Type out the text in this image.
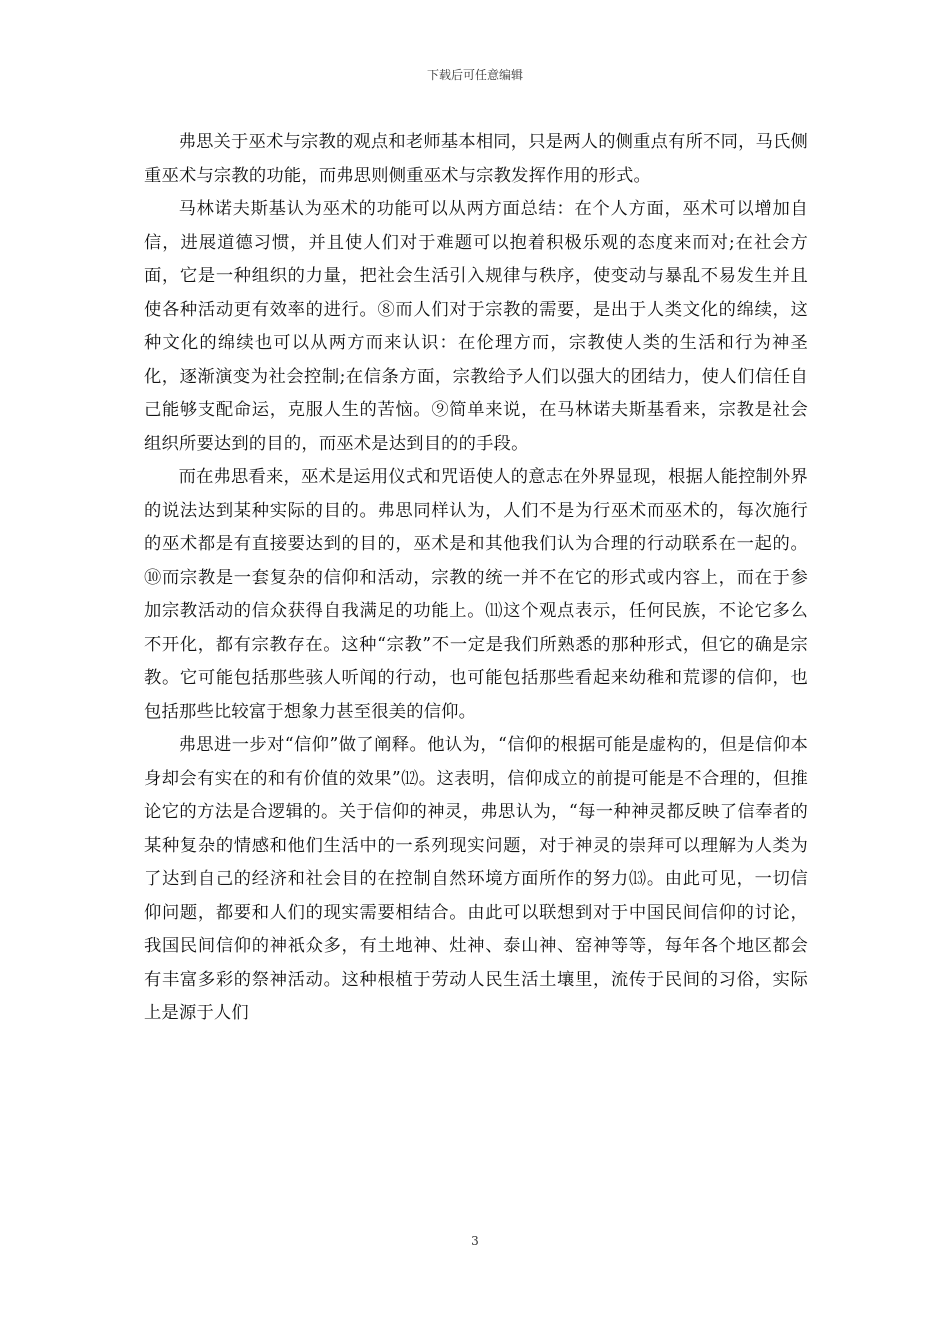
下载后可任意编辑

弗思关于巫术与宗教的观点和老师基本相同，只是两人的侧重点有所不同，马氏侧重巫术与宗教的功能，而弗思则侧重巫术与宗教发挥作用的形式。

马林诺夫斯基认为巫术的功能可以从两方面总结：在个人方面，巫术可以增加自信，进展道德习惯，并且使人们对于难题可以抱着积极乐观的态度来而对;在社会方面，它是一种组织的力量，把社会生活引入规律与秩序，使变动与暴乱不易发生并且使各种活动更有效率的进行。⑧而人们对于宗教的需要，是出于人类文化的绵续，这种文化的绵续也可以从两方而来认识：在伦理方而，宗教使人类的生活和行为神圣化，逐渐演变为社会控制;在信条方面，宗教给予人们以强大的团结力，使人们信任自己能够支配命运，克服人生的苦恼。⑨简单来说，在马林诺夫斯基看来，宗教是社会组织所要达到的目的，而巫术是达到目的的手段。

而在弗思看来，巫术是运用仪式和咒语使人的意志在外界显现，根据人能控制外界的说法达到某种实际的目的。弗思同样认为，人们不是为行巫术而巫术的，每次施行的巫术都是有直接要达到的目的，巫术是和其他我们认为合理的行动联系在一起的。⑩而宗教是一套复杂的信仰和活动，宗教的统一并不在它的形式或内容上，而在于参加宗教活动的信众获得自我满足的功能上。⑾这个观点表示，任何民族，不论它多么不开化，都有宗教存在。这种“宗教”不一定是我们所熟悉的那种形式，但它的确是宗教。它可能包括那些骇人听闻的行动，也可能包括那些看起来幼稚和荒谬的信仰，也包括那些比较富于想象力甚至很美的信仰。

弗思进一步对“信仰”做了阐释。他认为，“信仰的根据可能是虚构的，但是信仰本身却会有实在的和有价值的效果”⑿。这表明，信仰成立的前提可能是不合理的，但推论它的方法是合逻辑的。关于信仰的神灵，弗思认为，“每一种神灵都反映了信奉者的某种复杂的情感和他们生活中的一系列现实问题，对于神灵的崇拜可以理解为人类为了达到自己的经济和社会目的在控制自然环境方面所作的努力⒀。由此可见，一切信仰问题，都要和人们的现实需要相结合。由此可以联想到对于中国民间信仰的讨论，我国民间信仰的神祇众多，有土地神、灶神、泰山神、窑神等等，每年各个地区都会有丰富多彩的祭神活动。这种根植于劳动人民生活土壤里，流传于民间的习俗，实际上是源于人们

3
